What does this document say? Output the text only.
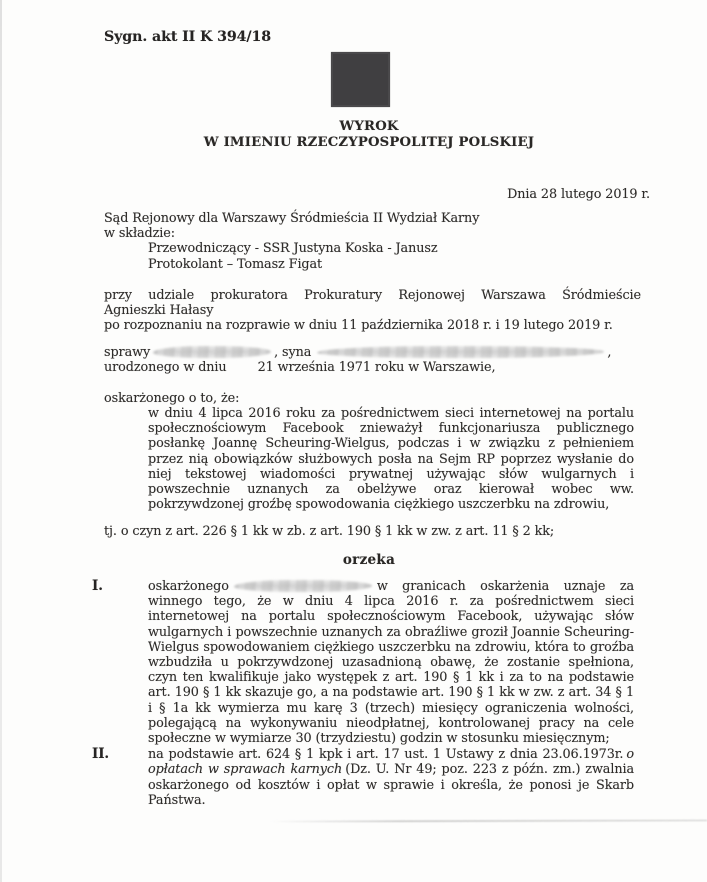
Sygn. akt II K 394/18
WYROK
W IMIENIU RZECZYPOSPOLITEJ POLSKIEJ
Dnia 28 lutego 2019 r.
Sąd Rejonowy dla Warszawy Śródmieścia II Wydział Karny
w składzie:
Przewodniczący - SSR Justyna Koska - Janusz
Protokolant – Tomasz Figat
przy udziale prokuratora Prokuratury Rejonowej Warszawa Śródmieście
Agnieszki Hałasy
po rozpoznaniu na rozprawie w dniu 11 października 2018 r. i 19 lutego 2019 r.
sprawy	, syna	,
urodzonego w dniu 21 września 1971 roku w Warszawie,
oskarżonego o to, że:
w dniu 4 lipca 2016 roku za pośrednictwem sieci internetowej na portalu społecznościowym Facebook znieważył funkcjonariusza publicznego posłankę Joannę Scheuring-Wielgus, podczas i w związku z pełnieniem przez nią obowiązków służbowych posła na Sejm RP poprzez wysłanie do niej tekstowej wiadomości prywatnej używając słów wulgarnych i powszechnie uznanych za obelżywe oraz kierował wobec ww. pokrzywdzonej groźbę spowodowania ciężkiego uszczerbku na zdrowiu,
tj. o czyn z art. 226 § 1 kk w zb. z art. 190 § 1 kk w zw. z art. 11 § 2 kk;
orzeka
I.	oskarżonego	w granicach oskarżenia uznaje za winnego tego, że w dniu 4 lipca 2016 r. za pośrednictwem sieci internetowej na portalu społecznościowym Facebook, używając słów wulgarnych i powszechnie uznanych za obraźliwe groził Joannie Scheuring-Wielgus spowodowaniem ciężkiego uszczerbku na zdrowiu, która to groźba wzbudziła u pokrzywdzonej uzasadnioną obawę, że zostanie spełniona, czyn ten kwalifikuje jako występek z art. 190 § 1 kk i za to na podstawie art. 190 § 1 kk skazuje go, a na podstawie art. 190 § 1 kk w zw. z art. 34 § 1 i § 1a kk wymierza mu karę 3 (trzech) miesięcy ograniczenia wolności, polegającą na wykonywaniu nieodpłatnej, kontrolowanej pracy na cele społeczne w wymiarze 30 (trzydziestu) godzin w stosunku miesięcznym;
II.	na podstawie art. 624 § 1 kpk i art. 17 ust. 1 Ustawy z dnia 23.06.1973r. o opłatach w sprawach karnych (Dz. U. Nr 49; poz. 223 z późn. zm.) zwalnia oskarżonego od kosztów i opłat w sprawie i określa, że ponosi je Skarb Państwa.
